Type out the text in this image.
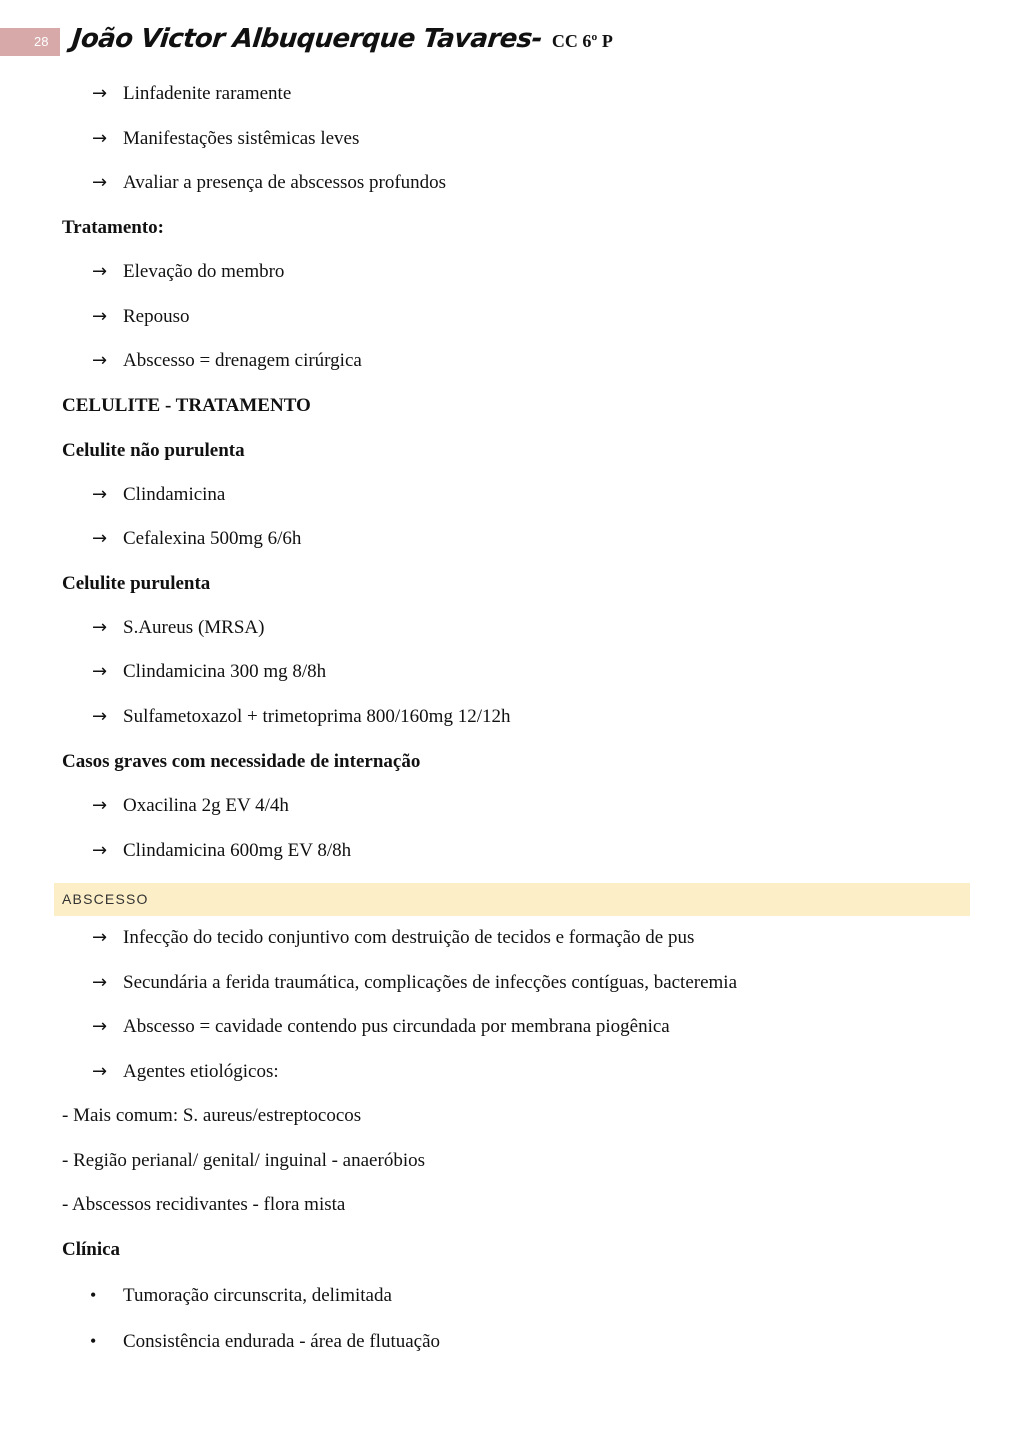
28 João Victor Albuquerque Tavares- CC 6º P
→ Linfadenite raramente
→ Manifestações sistêmicas leves
→ Avaliar a presença de abscessos profundos
Tratamento:
→ Elevação do membro
→ Repouso
→ Abscesso = drenagem cirúrgica
CELULITE - TRATAMENTO
Celulite não purulenta
→ Clindamicina
→ Cefalexina 500mg 6/6h
Celulite purulenta
→ S.Aureus (MRSA)
→ Clindamicina 300 mg 8/8h
→ Sulfametoxazol + trimetoprima 800/160mg 12/12h
Casos graves com necessidade de internação
→ Oxacilina 2g EV 4/4h
→ Clindamicina 600mg EV 8/8h
ABSCESSO
→ Infecção do tecido conjuntivo com destruição de tecidos e formação de pus
→ Secundária a ferida traumática, complicações de infecções contíguas, bacteremia
→ Abscesso = cavidade contendo pus circundada por membrana piogênica
→ Agentes etiológicos:
- Mais comum: S. aureus/estreptococos
- Região perianal/ genital/ inguinal - anaeróbios
- Abscessos recidivantes - flora mista
Clínica
• Tumoração circunscrita, delimitada
• Consistência endurada - área de flutuação
